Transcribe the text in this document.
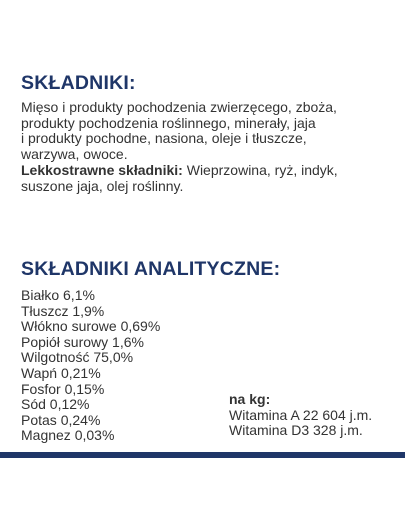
SKŁADNIKI:
Mięso i produkty pochodzenia zwierzęcego, zboża,
produkty pochodzenia roślinnego, minerały, jaja
i produkty pochodne, nasiona, oleje i tłuszcze,
warzywa, owoce.
Lekkostrawne składniki: Wieprzowina, ryż, indyk,
suszone jaja, olej roślinny.
SKŁADNIKI ANALITYCZNE:
Białko 6,1%
Tłuszcz 1,9%
Włókno surowe 0,69%
Popiół surowy 1,6%
Wilgotność 75,0%
Wapń 0,21%
Fosfor 0,15%
Sód 0,12%
Potas 0,24%
Magnez 0,03%
na kg:
Witamina A 22 604 j.m.
Witamina D3 328 j.m.
